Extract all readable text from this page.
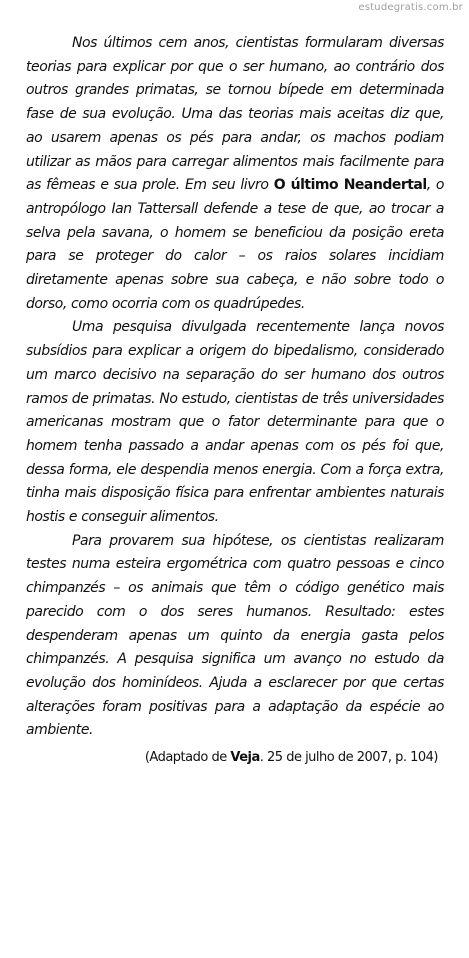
estudegratis.com.br

Nos últimos cem anos, cientistas formularam diversas teorias para explicar por que o ser humano, ao contrário dos outros grandes primatas, se tornou bípede em determinada fase de sua evolução. Uma das teorias mais aceitas diz que, ao usarem apenas os pés para andar, os machos podiam utilizar as mãos para carregar alimentos mais facilmente para as fêmeas e sua prole. Em seu livro O último Neandertal, o antropólogo Ian Tattersall defende a tese de que, ao trocar a selva pela savana, o homem se beneficiou da posição ereta para se proteger do calor – os raios solares incidiam diretamente apenas sobre sua cabeça, e não sobre todo o dorso, como ocorria com os quadrúpedes.

Uma pesquisa divulgada recentemente lança novos subsídios para explicar a origem do bipedalismo, considerado um marco decisivo na separação do ser humano dos outros ramos de primatas. No estudo, cientistas de três universidades americanas mostram que o fator determinante para que o homem tenha passado a andar apenas com os pés foi que, dessa forma, ele despendia menos energia. Com a força extra, tinha mais disposição física para enfrentar ambientes naturais hostis e conseguir alimentos.

Para provarem sua hipótese, os cientistas realizaram testes numa esteira ergométrica com quatro pessoas e cinco chimpanzés – os animais que têm o código genético mais parecido com o dos seres humanos. Resultado: estes despenderam apenas um quinto da energia gasta pelos chimpanzés. A pesquisa significa um avanço no estudo da evolução dos hominídeos. Ajuda a esclarecer por que certas alterações foram positivas para a adaptação da espécie ao ambiente.

(Adaptado de Veja. 25 de julho de 2007, p. 104)
